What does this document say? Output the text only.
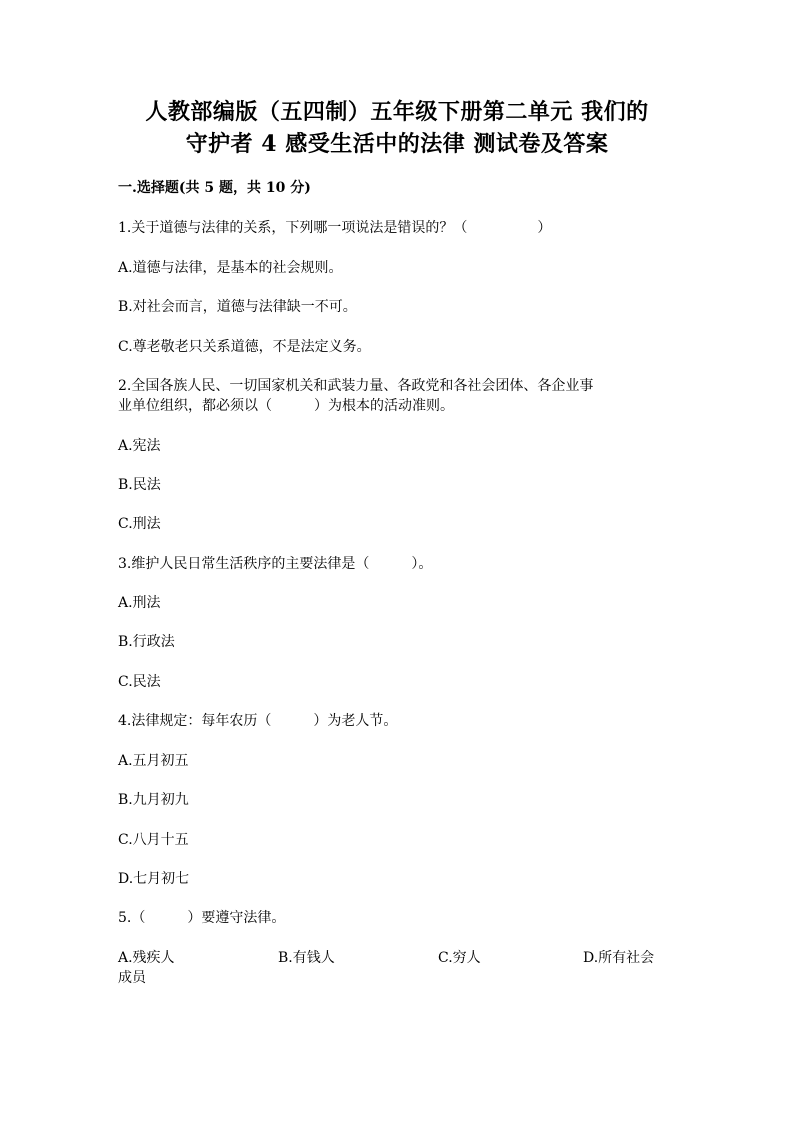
人教部编版（五四制）五年级下册第二单元 我们的
守护者 4 感受生活中的法律 测试卷及答案
一.选择题(共 5 题，共 10 分)
1.关于道德与法律的关系，下列哪一项说法是错误的？（　　　　　）
A.道德与法律，是基本的社会规则。
B.对社会而言，道德与法律缺一不可。
C.尊老敬老只关系道德，不是法定义务。
2.全国各族人民、一切国家机关和武装力量、各政党和各社会团体、各企业事
业单位组织，都必须以（　　　）为根本的活动准则。
A.宪法
B.民法
C.刑法
3.维护人民日常生活秩序的主要法律是（　　　）。
A.刑法
B.行政法
C.民法
4.法律规定：每年农历（　　　）为老人节。
A.五月初五
B.九月初九
C.八月十五
D.七月初七
5.（　　　）要遵守法律。
A.残疾人	B.有钱人	C.穷人	D.所有社会
成员
